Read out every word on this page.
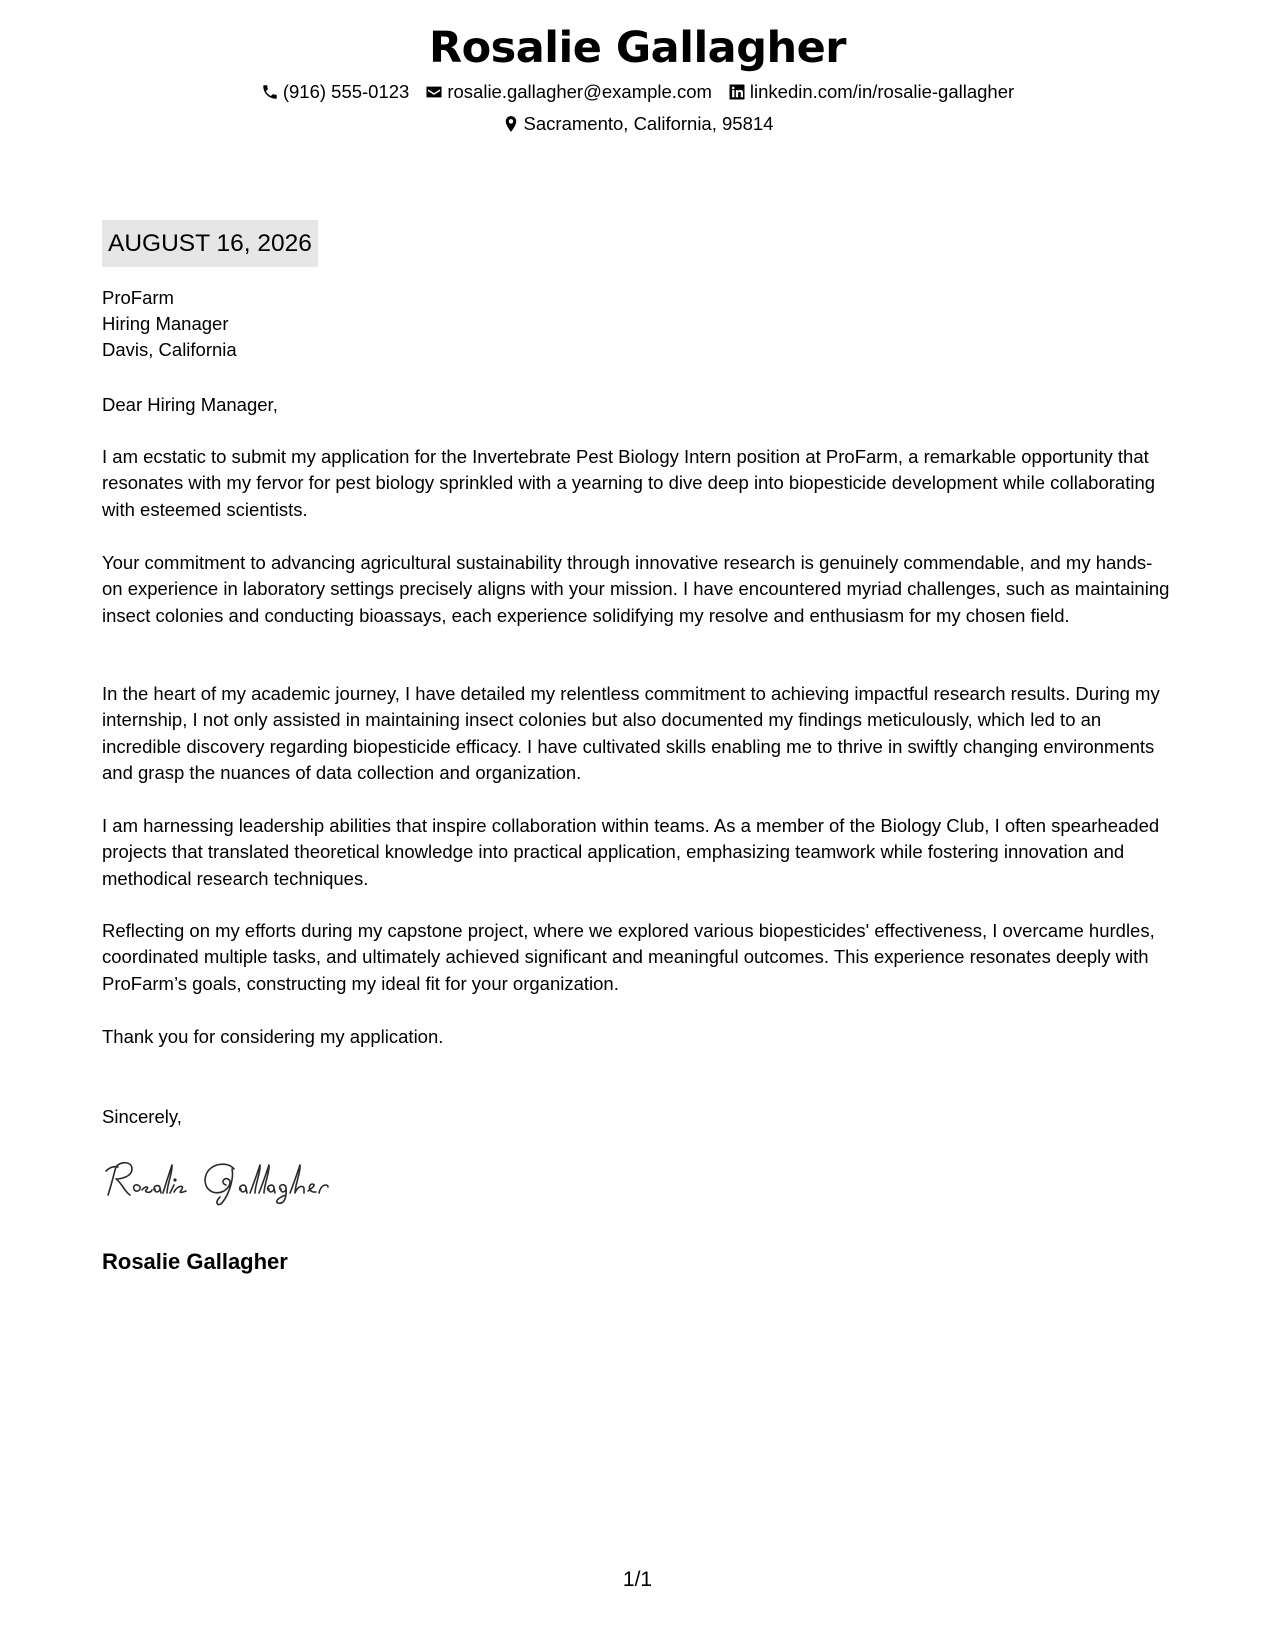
Rosalie Gallagher
(916) 555-0123 rosalie.gallagher@example.com linkedin.com/in/rosalie-gallagher
Sacramento, California, 95814
AUGUST 16, 2026
ProFarm
Hiring Manager
Davis, California
Dear Hiring Manager,
I am ecstatic to submit my application for the Invertebrate Pest Biology Intern position at ProFarm, a remarkable opportunity that resonates with my fervor for pest biology sprinkled with a yearning to dive deep into biopesticide development while collaborating with esteemed scientists.
Your commitment to advancing agricultural sustainability through innovative research is genuinely commendable, and my hands-on experience in laboratory settings precisely aligns with your mission. I have encountered myriad challenges, such as maintaining insect colonies and conducting bioassays, each experience solidifying my resolve and enthusiasm for my chosen field.
In the heart of my academic journey, I have detailed my relentless commitment to achieving impactful research results. During my internship, I not only assisted in maintaining insect colonies but also documented my findings meticulously, which led to an incredible discovery regarding biopesticide efficacy. I have cultivated skills enabling me to thrive in swiftly changing environments and grasp the nuances of data collection and organization.
I am harnessing leadership abilities that inspire collaboration within teams. As a member of the Biology Club, I often spearheaded projects that translated theoretical knowledge into practical application, emphasizing teamwork while fostering innovation and methodical research techniques.
Reflecting on my efforts during my capstone project, where we explored various biopesticides' effectiveness, I overcame hurdles, coordinated multiple tasks, and ultimately achieved significant and meaningful outcomes. This experience resonates deeply with ProFarm’s goals, constructing my ideal fit for your organization.
Thank you for considering my application.
Sincerely,
Rosalie Gallagher
1/1
